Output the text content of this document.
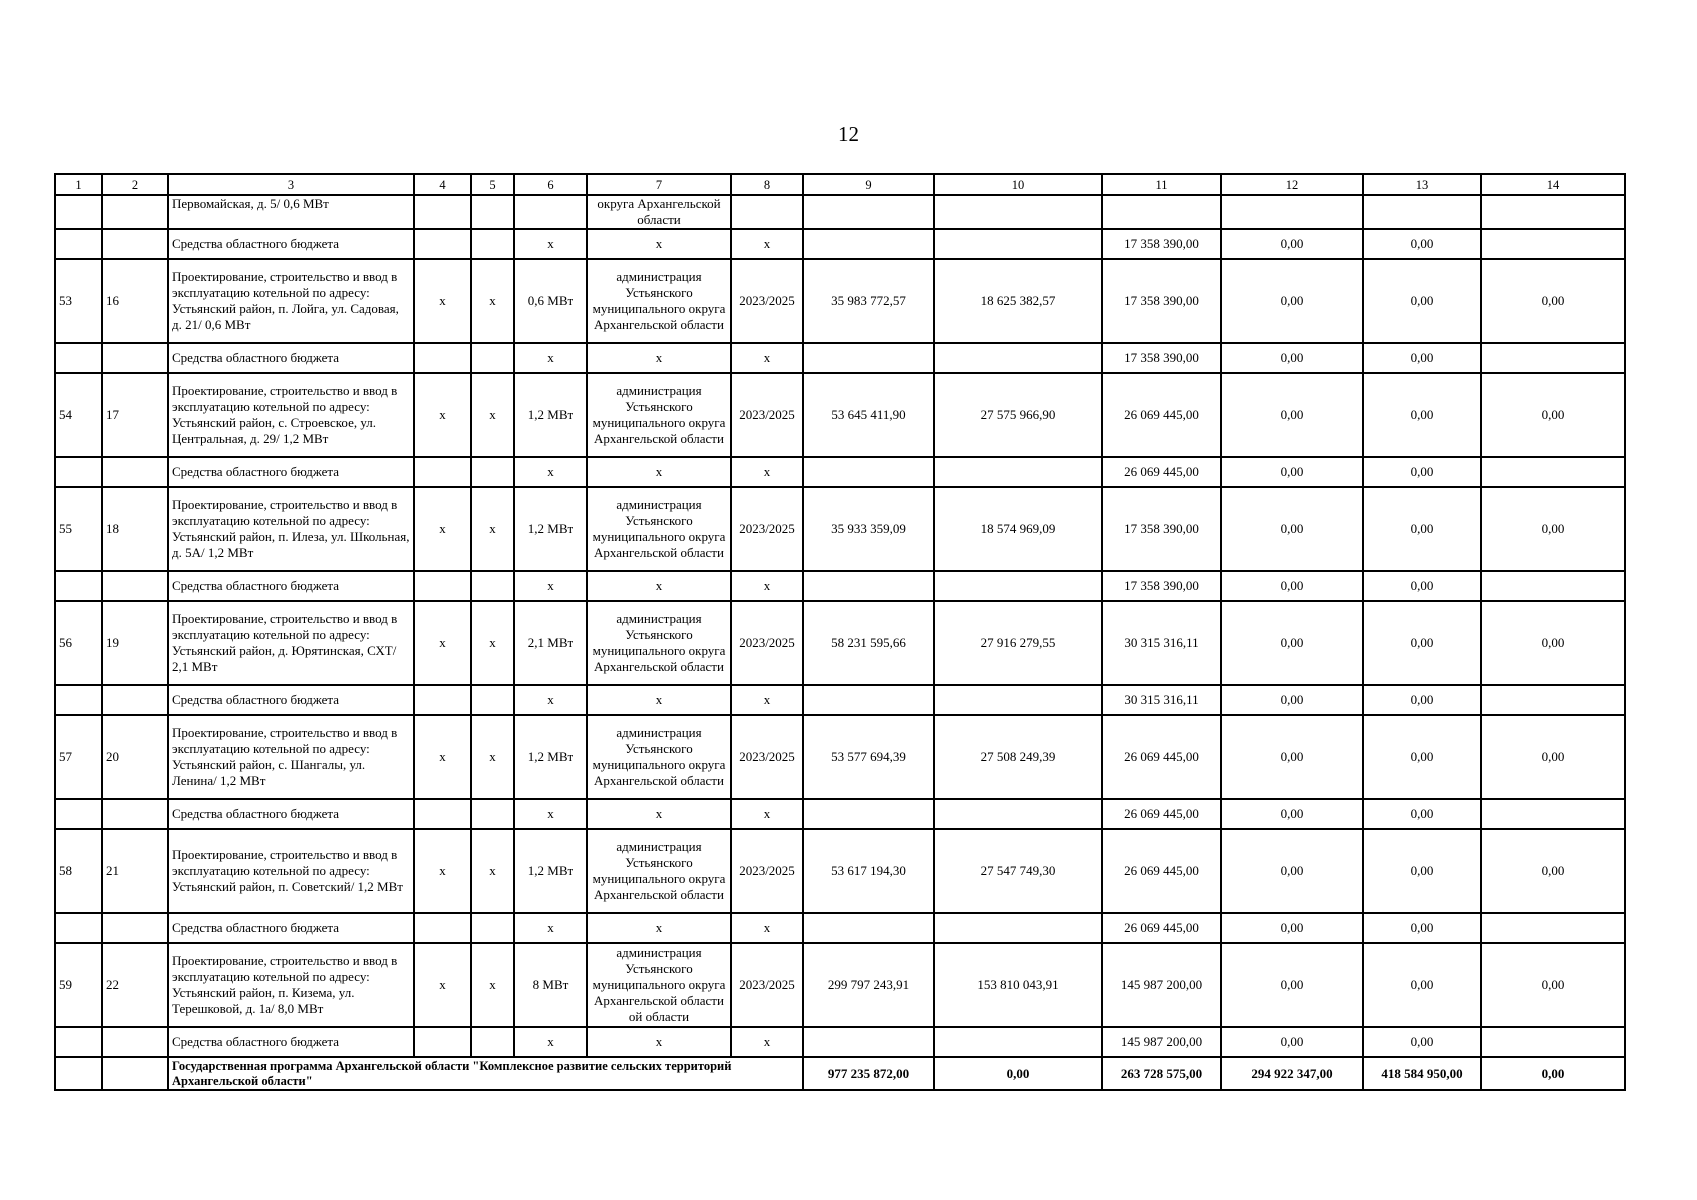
12
1	2	3	4	5	6	7	8	9	10	11	12	13	14
		Первомайская, д. 5/ 0,6 МВт				округа Архангельской области							
		Средства областного бюджета			х	х	х			17 358 390,00	0,00	0,00	
53	16	Проектирование, строительство и ввод в эксплуатацию котельной по адресу: Устьянский район, п. Лойга, ул. Садовая, д. 21/ 0,6 МВт	х	х	0,6 МВт	администрация Устьянского муниципального округа Архангельской области	2023/2025	35 983 772,57	18 625 382,57	17 358 390,00	0,00	0,00	0,00
		Средства областного бюджета			х	х	х			17 358 390,00	0,00	0,00	
54	17	Проектирование, строительство и ввод в эксплуатацию котельной по адресу: Устьянский район, с. Строевское, ул. Центральная, д. 29/ 1,2 МВт	х	х	1,2 МВт	администрация Устьянского муниципального округа Архангельской области	2023/2025	53 645 411,90	27 575 966,90	26 069 445,00	0,00	0,00	0,00
		Средства областного бюджета			х	х	х			26 069 445,00	0,00	0,00	
55	18	Проектирование, строительство и ввод в эксплуатацию котельной по адресу: Устьянский район, п. Илеза, ул. Школьная, д. 5А/ 1,2 МВт	х	х	1,2 МВт	администрация Устьянского муниципального округа Архангельской области	2023/2025	35 933 359,09	18 574 969,09	17 358 390,00	0,00	0,00	0,00
		Средства областного бюджета			х	х	х			17 358 390,00	0,00	0,00	
56	19	Проектирование, строительство и ввод в эксплуатацию котельной по адресу: Устьянский район, д. Юрятинская, СХТ/ 2,1 МВт	х	х	2,1 МВт	администрация Устьянского муниципального округа Архангельской области	2023/2025	58 231 595,66	27 916 279,55	30 315 316,11	0,00	0,00	0,00
		Средства областного бюджета			х	х	х			30 315 316,11	0,00	0,00	
57	20	Проектирование, строительство и ввод в эксплуатацию котельной по адресу: Устьянский район, с. Шангалы, ул. Ленина/ 1,2 МВт	х	х	1,2 МВт	администрация Устьянского муниципального округа Архангельской области	2023/2025	53 577 694,39	27 508 249,39	26 069 445,00	0,00	0,00	0,00
		Средства областного бюджета			х	х	х			26 069 445,00	0,00	0,00	
58	21	Проектирование, строительство и ввод в эксплуатацию котельной по адресу: Устьянский район, п. Советский/ 1,2 МВт	х	х	1,2 МВт	администрация Устьянского муниципального округа Архангельской области	2023/2025	53 617 194,30	27 547 749,30	26 069 445,00	0,00	0,00	0,00
		Средства областного бюджета			х	х	х			26 069 445,00	0,00	0,00	
59	22	Проектирование, строительство и ввод в эксплуатацию котельной по адресу: Устьянский район, п. Кизема, ул. Терешковой, д. 1а/ 8,0 МВт	х	х	8 МВт	администрация Устьянского муниципального округа Архангельской области ой области	2023/2025	299 797 243,91	153 810 043,91	145 987 200,00	0,00	0,00	0,00
		Средства областного бюджета			х	х	х			145 987 200,00	0,00	0,00	
		Государственная программа Архангельской области "Комплексное развитие сельских территорий Архангельской области"						977 235 872,00	0,00	263 728 575,00	294 922 347,00	418 584 950,00	0,00
